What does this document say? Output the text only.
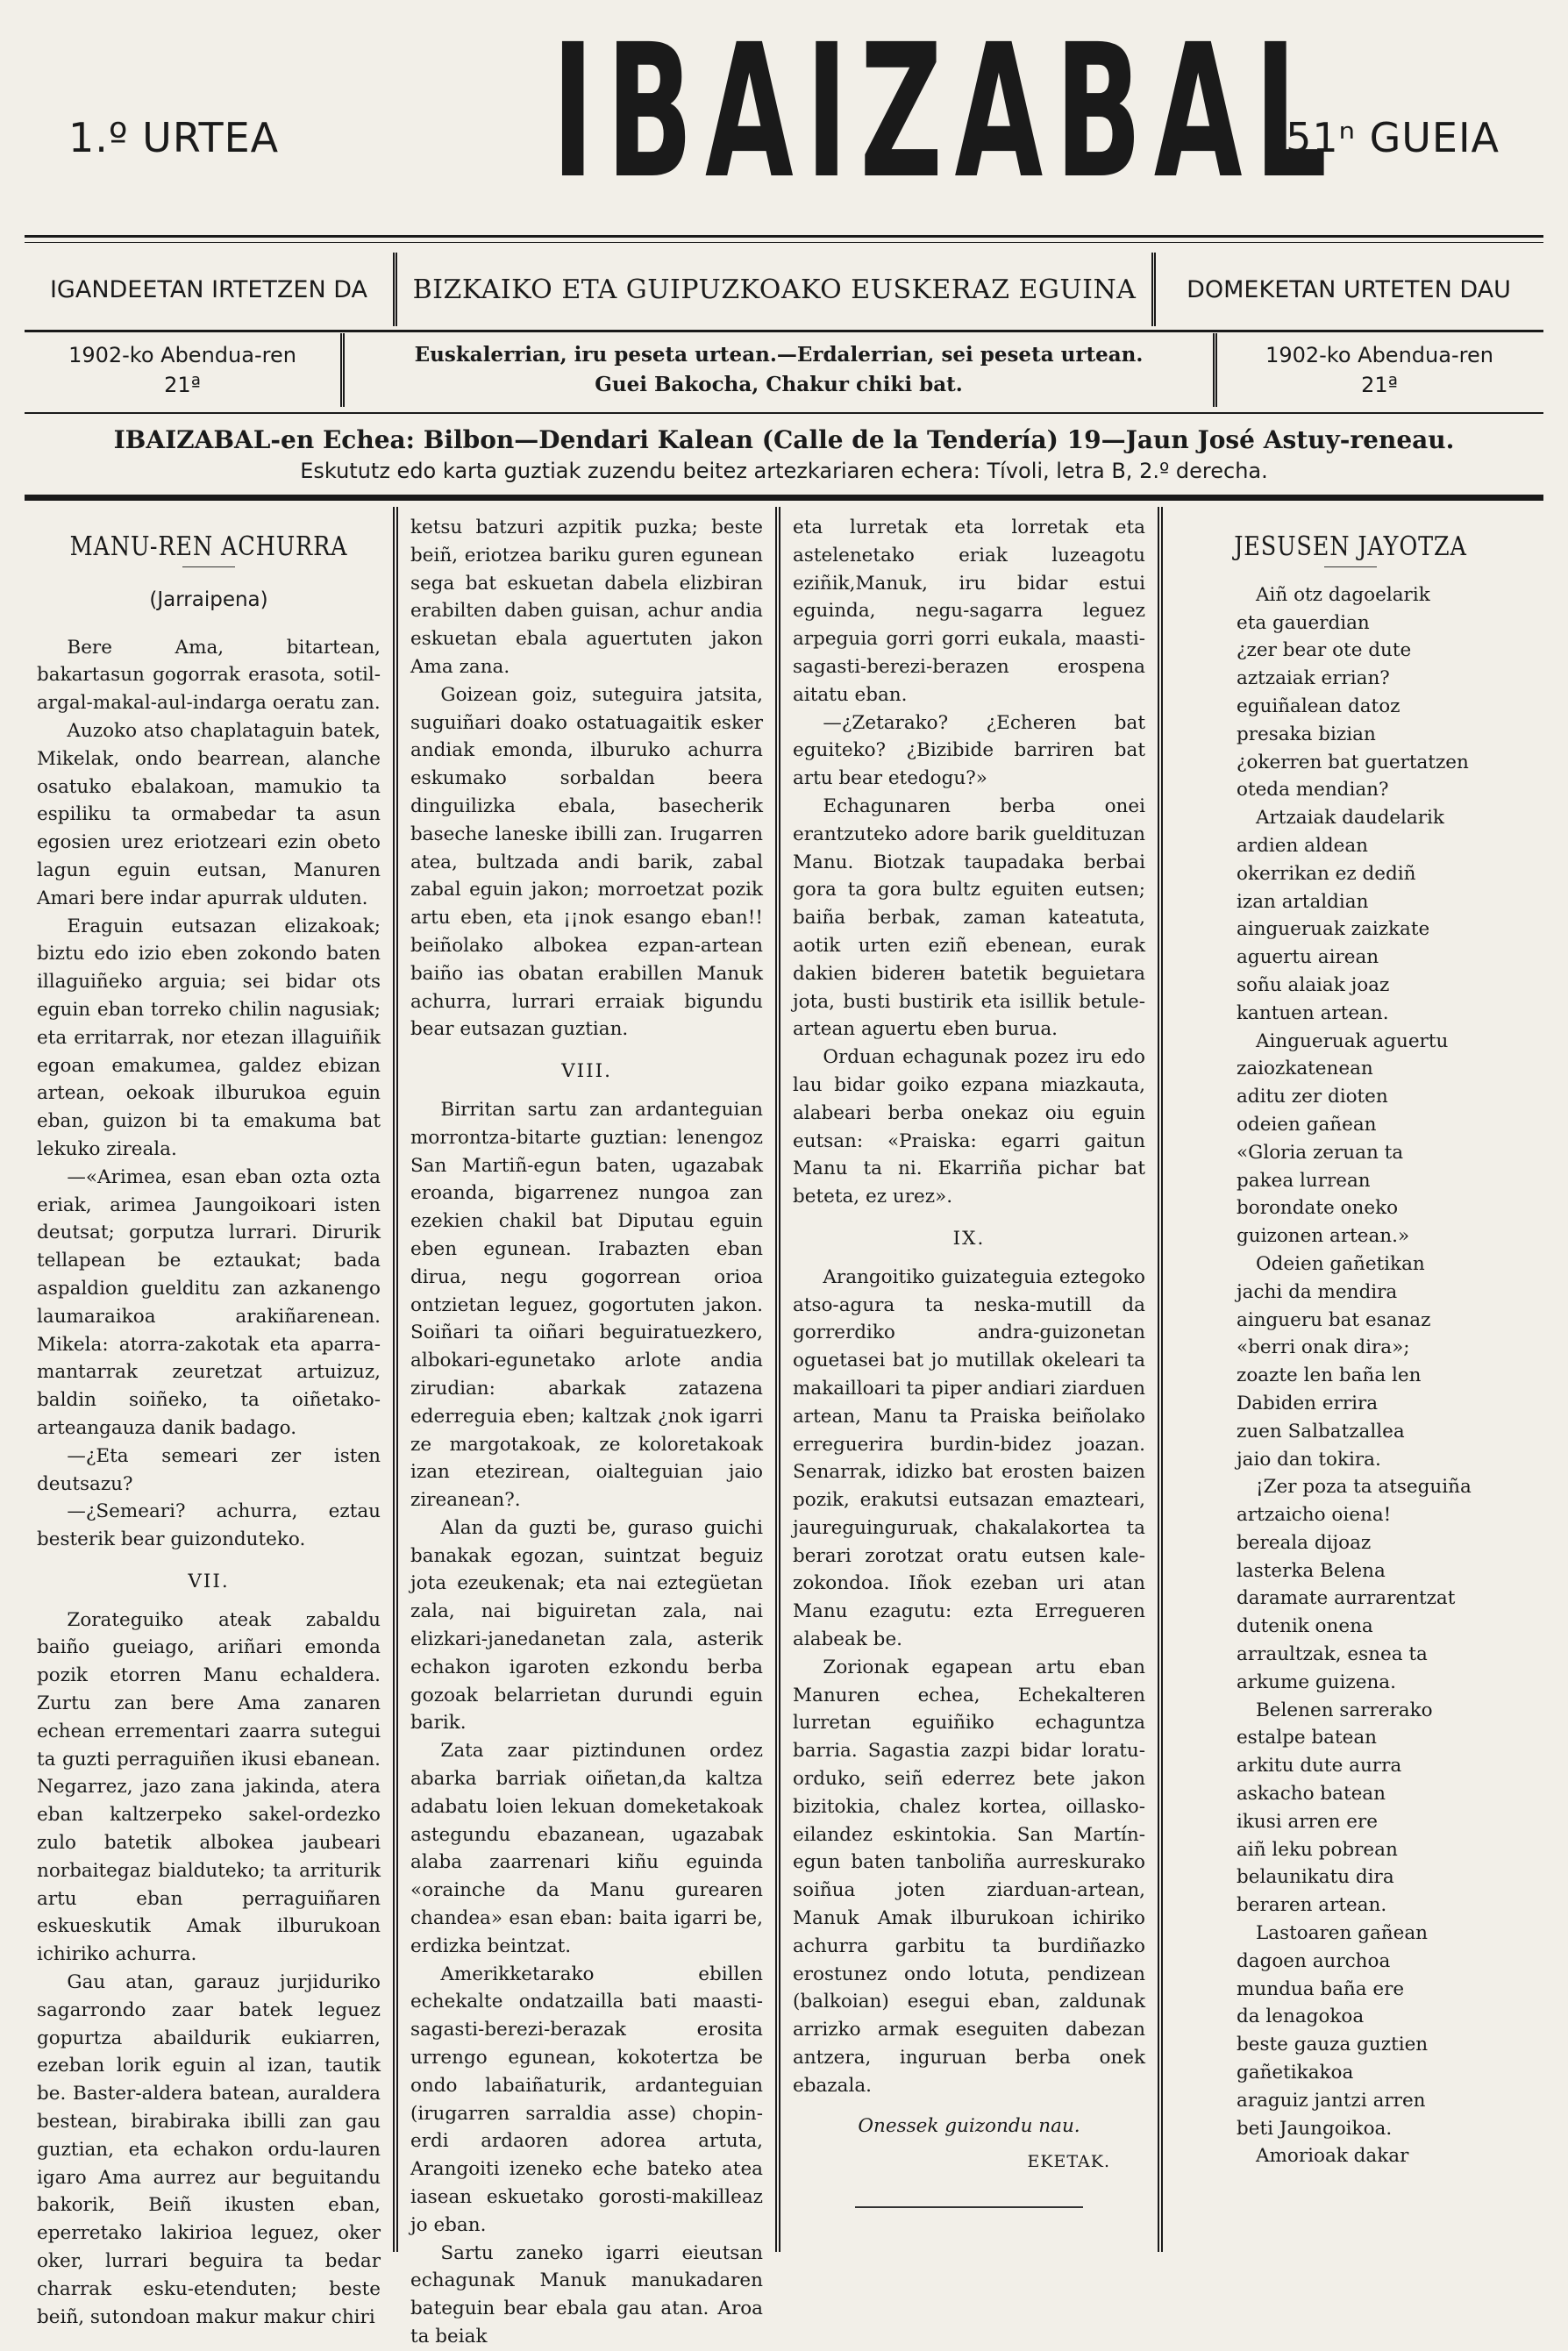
1.º URTEA IBAIZABAL
51ⁿ GUEIA
IGANDEETAN IRTETZEN DA	BIZKAIKO ETA GUIPUZKOAKO EUSKERAZ EGUINA	DOMEKETAN URTETEN DAU
1902-ko Abendua-ren
21ª
Euskalerrian, iru peseta urtean.—Erdalerrian, sei peseta urtean.
Guei Bakocha, Chakur chiki bat.
1902-ko Abendua-ren
21ª
IBAIZABAL-en Echea: Bilbon—Dendari Kalean (Calle de la Tendería) 19—Jaun José Astuy-reneau.
Eskututz edo karta guztiak zuzendu beitez artezkariaren echera: Tívoli, letra B, 2.º derecha.
MANU-REN ACHURRA

(Jarraipena)

Bere Ama, bitartean, bakartasun gogorrak erasota, sotil-argal-makal-aul-indarga oeratu zan.

Auzoko atso chaplataguin batek, Mikelak, ondo bearrean, alanche osatuko ebalakoan, mamukio ta espiliku ta ormabedar ta asun egosien urez eriotzeari ezin obeto lagun eguin eutsan, Manuren Amari bere indar apurrak ulduten.

Eraguin eutsazan elizakoak; biztu edo izio eben zokondo baten illaguiñeko arguia; sei bidar ots eguin eban torreko chilin nagusiak; eta erritarrak, nor etezan illaguiñik egoan emakumea, galdez ebizan artean, oekoak ilburukoa eguin eban, guizon bi ta emakuma bat lekuko zireala.

—«Arimea, esan eban ozta ozta eriak, arimea Jaungoikoari isten deutsat; gorputza lurrari. Dirurik tellapean be eztaukat; bada aspaldion guelditu zan azkanengo laumaraikoa arakiñarenean. Mikela: atorra-zakotak eta aparra-mantarrak zeuretzat artuizuz, baldin soiñeko, ta oiñetako-arteangauza danik badago.

—¿Eta semeari zer isten deutsazu?

—¿Semeari? achurra, eztau besterik bear guizonduteko.

VII.

Zorateguiko ateak zabaldu baiño gueiago, ariñari emonda pozik etorren Manu echaldera. Zurtu zan bere Ama zanaren echean errementari zaarra sutegui ta guzti perraguiñen ikusi ebanean. Negarrez, jazo zana jakinda, atera eban kaltzerpeko sakel-ordezko zulo batetik albokea jaubeari norbaitegaz bialduteko; ta arriturik artu eban perraguiñaren eskueskutik Amak ilburukoan ichiriko achurra.

Gau atan, garauz jurjiduriko sagarrondo zaar batek leguez gopurtza abaildurik eukiarren, ezeban lorik eguin al izan, tautik be. Baster-aldera batean, auraldera bestean, birabiraka ibilli zan gau guztian, eta echakon ordu-lauren igaro Ama aurrez aur beguitandu bakorik, Beiñ ikusten eban, eperretako lakirioa leguez, oker oker, lurrari beguira ta bedar charrak esku-etenduten; beste beiñ, sutondoan makur makur chiri

ketsu batzuri azpitik puzka; beste beiñ, eriotzea bariku guren egunean sega bat eskuetan dabela elizbiran erabilten daben guisan, achur andia eskuetan ebala aguertuten jakon Ama zana.

Goizean goiz, suteguira jatsita, suguiñari doako ostatuagaitik esker andiak emonda, ilburuko achurra eskumako sorbaldan beera dinguilizka ebala, basecherik baseche laneske ibilli zan. Irugarren atea, bultzada andi barik, zabal zabal eguin jakon; morroetzat pozik artu eben, eta ¡¡nok esango eban!! beiñolako albokea ezpan-artean baiño ias obatan erabillen Manuk achurra, lurrari erraiak bigundu bear eutsazan guztian.

VIII.

Birritan sartu zan ardanteguian morrontza-bitarte guztian: lenengoz San Martiñ-egun baten, ugazabak eroanda, bigarrenez nungoa zan ezekien chakil bat Diputau eguin eben egunean. Irabazten eban dirua, negu gogorrean orioa ontzietan leguez, gogortuten jakon. Soiñari ta oiñari beguiratuezkero, albokari-egunetako arlote andia zirudian: abarkak zatazena ederreguia eben; kaltzak ¿nok igarri ze margotakoak, ze koloretakoak izan etezirean, oialteguian jaio zireanean?.

Alan da guzti be, guraso guichi banakak egozan, suintzat beguiz jota ezeukenak; eta nai eztegüetan zala, nai biguiretan zala, nai elizkari-janedanetan zala, asterik echakon igaroten ezkondu berba gozoak belarrietan durundi eguin barik.

Zata zaar piztindunen ordez abarka barriak oiñetan,da kaltza adabatu loien lekuan domeketakoak astegundu ebazanean, ugazabak alaba zaarrenari kiñu eguinda «orainche da Manu gurearen chandea» esan eban: baita igarri be, erdizka beintzat.

Amerikketarako ebillen echekalte ondatzailla bati maasti-sagasti-berezi-berazak erosita urrengo egunean, kokotertza be ondo labaiñaturik, ardanteguian (irugarren sarraldia asse) chopin-erdi ardaoren adorea artuta, Arangoiti izeneko eche bateko atea iasean eskuetako gorosti-makilleaz jo eban.

Sartu zaneko igarri eieutsan echagunak Manuk manukadaren bateguin bear ebala gau atan. Aroa ta beiak

eta lurretak eta lorretak eta astelenetako eriak luzeagotu eziñik,Manuk, iru bidar estui eguinda, negu-sagarra leguez arpeguia gorri gorri eukala, maasti-sagasti-berezi-berazen erospena aitatu eban.

—¿Zetarako? ¿Echeren bat eguiteko? ¿Bizibide barriren bat artu bear etedogu?»

Echagunaren berba onei erantzuteko adore barik gueldituzan Manu. Biotzak taupadaka berbai gora ta gora bultz eguiten eutsen; baiña berbak, zaman kateatuta, aotik urten eziñ ebenean, eurak dakien biderен batetik beguietara jota, busti bustirik eta isillik betule-artean aguertu eben burua.

Orduan echagunak pozez iru edo lau bidar goiko ezpana miazkauta, alabeari berba onekaz oiu eguin eutsan: «Praiska: egarri gaitun Manu ta ni. Ekarriña pichar bat beteta, ez urez».

IX.

Arangoitiko guizateguia eztegoko atso-agura ta neska-mutill da gorrerdiko andra-guizonetan oguetasei bat jo mutillak okeleari ta makailloari ta piper andiari ziarduen artean, Manu ta Praiska beiñolako erreguerira burdin-bidez joazan. Senarrak, idizko bat erosten baizen pozik, erakutsi eutsazan emazteari, jaureguinguruak, chakalakortea ta berari zorotzat oratu eutsen kale-zokondoa. Iñok ezeban uri atan Manu ezagutu: ezta Erregueren alabeak be.

Zorionak egapean artu eban Manuren echea, Echekalteren lurretan eguiñiko echaguntza barria. Sagastia zazpi bidar loratu-orduko, seiñ ederrez bete jakon bizitokia, chalez kortea, oillasko-eilandez eskintokia. San Martín-egun baten tanboliña aurreskurako soiñua joten ziarduan-artean, Manuk Amak ilburukoan ichiriko achurra garbitu ta burdiñazko erostunez ondo lotuta, pendizean (balkoian) esegui eban, zaldunak arrizko armak eseguiten dabezan antzera, inguruan berba onek ebazala.

Onessek guizondu nau.

EKETAK.

JESUSEN JAYOTZA
Aiñ otz dagoelarik
eta gauerdian
¿zer bear ote dute
aztzaiak errian?
eguiñalean datoz
presaka bizian
¿okerren bat guertatzen
oteda mendian?
Artzaiak daudelarik
ardien aldean
okerrikan ez dediñ
izan artaldian
aingueruak zaizkate
aguertu airean
soñu alaiak joaz
kantuen artean.
Ainguеruak aguertu
zaiozkatenean
aditu zer dioten
odeien gañean
«Gloria zeruan ta
pakea lurrean
borondate oneko
guizonen artean.»
Odeien gañetikan
jachi da mendira
aingueru bat esanaz
«berri onak dira»;
zoazte len baña len
Dabiden errira
zuen Salbatzallea
jaio dan tokira.
¡Zer poza ta atseguiña
artzaicho oiena!
bereala dijoaz
lasterka Belena
daramate aurrarentzat
dutenik onena
arraultzak, esnea ta
arkume guizena.
Belenen sarrerako
estalpe batean
arkitu dute aurra
askacho batean
ikusi arren ere
aiñ leku pobrean
belaunikatu dira
beraren artean.
Lastoaren gañean
dagoen aurchoa
mundua baña ere
da lenagokoa
beste gauza guztien
gañetikakoa
araguiz jantzi arren
beti Jaungoikoa.
Amoriоak dakar
